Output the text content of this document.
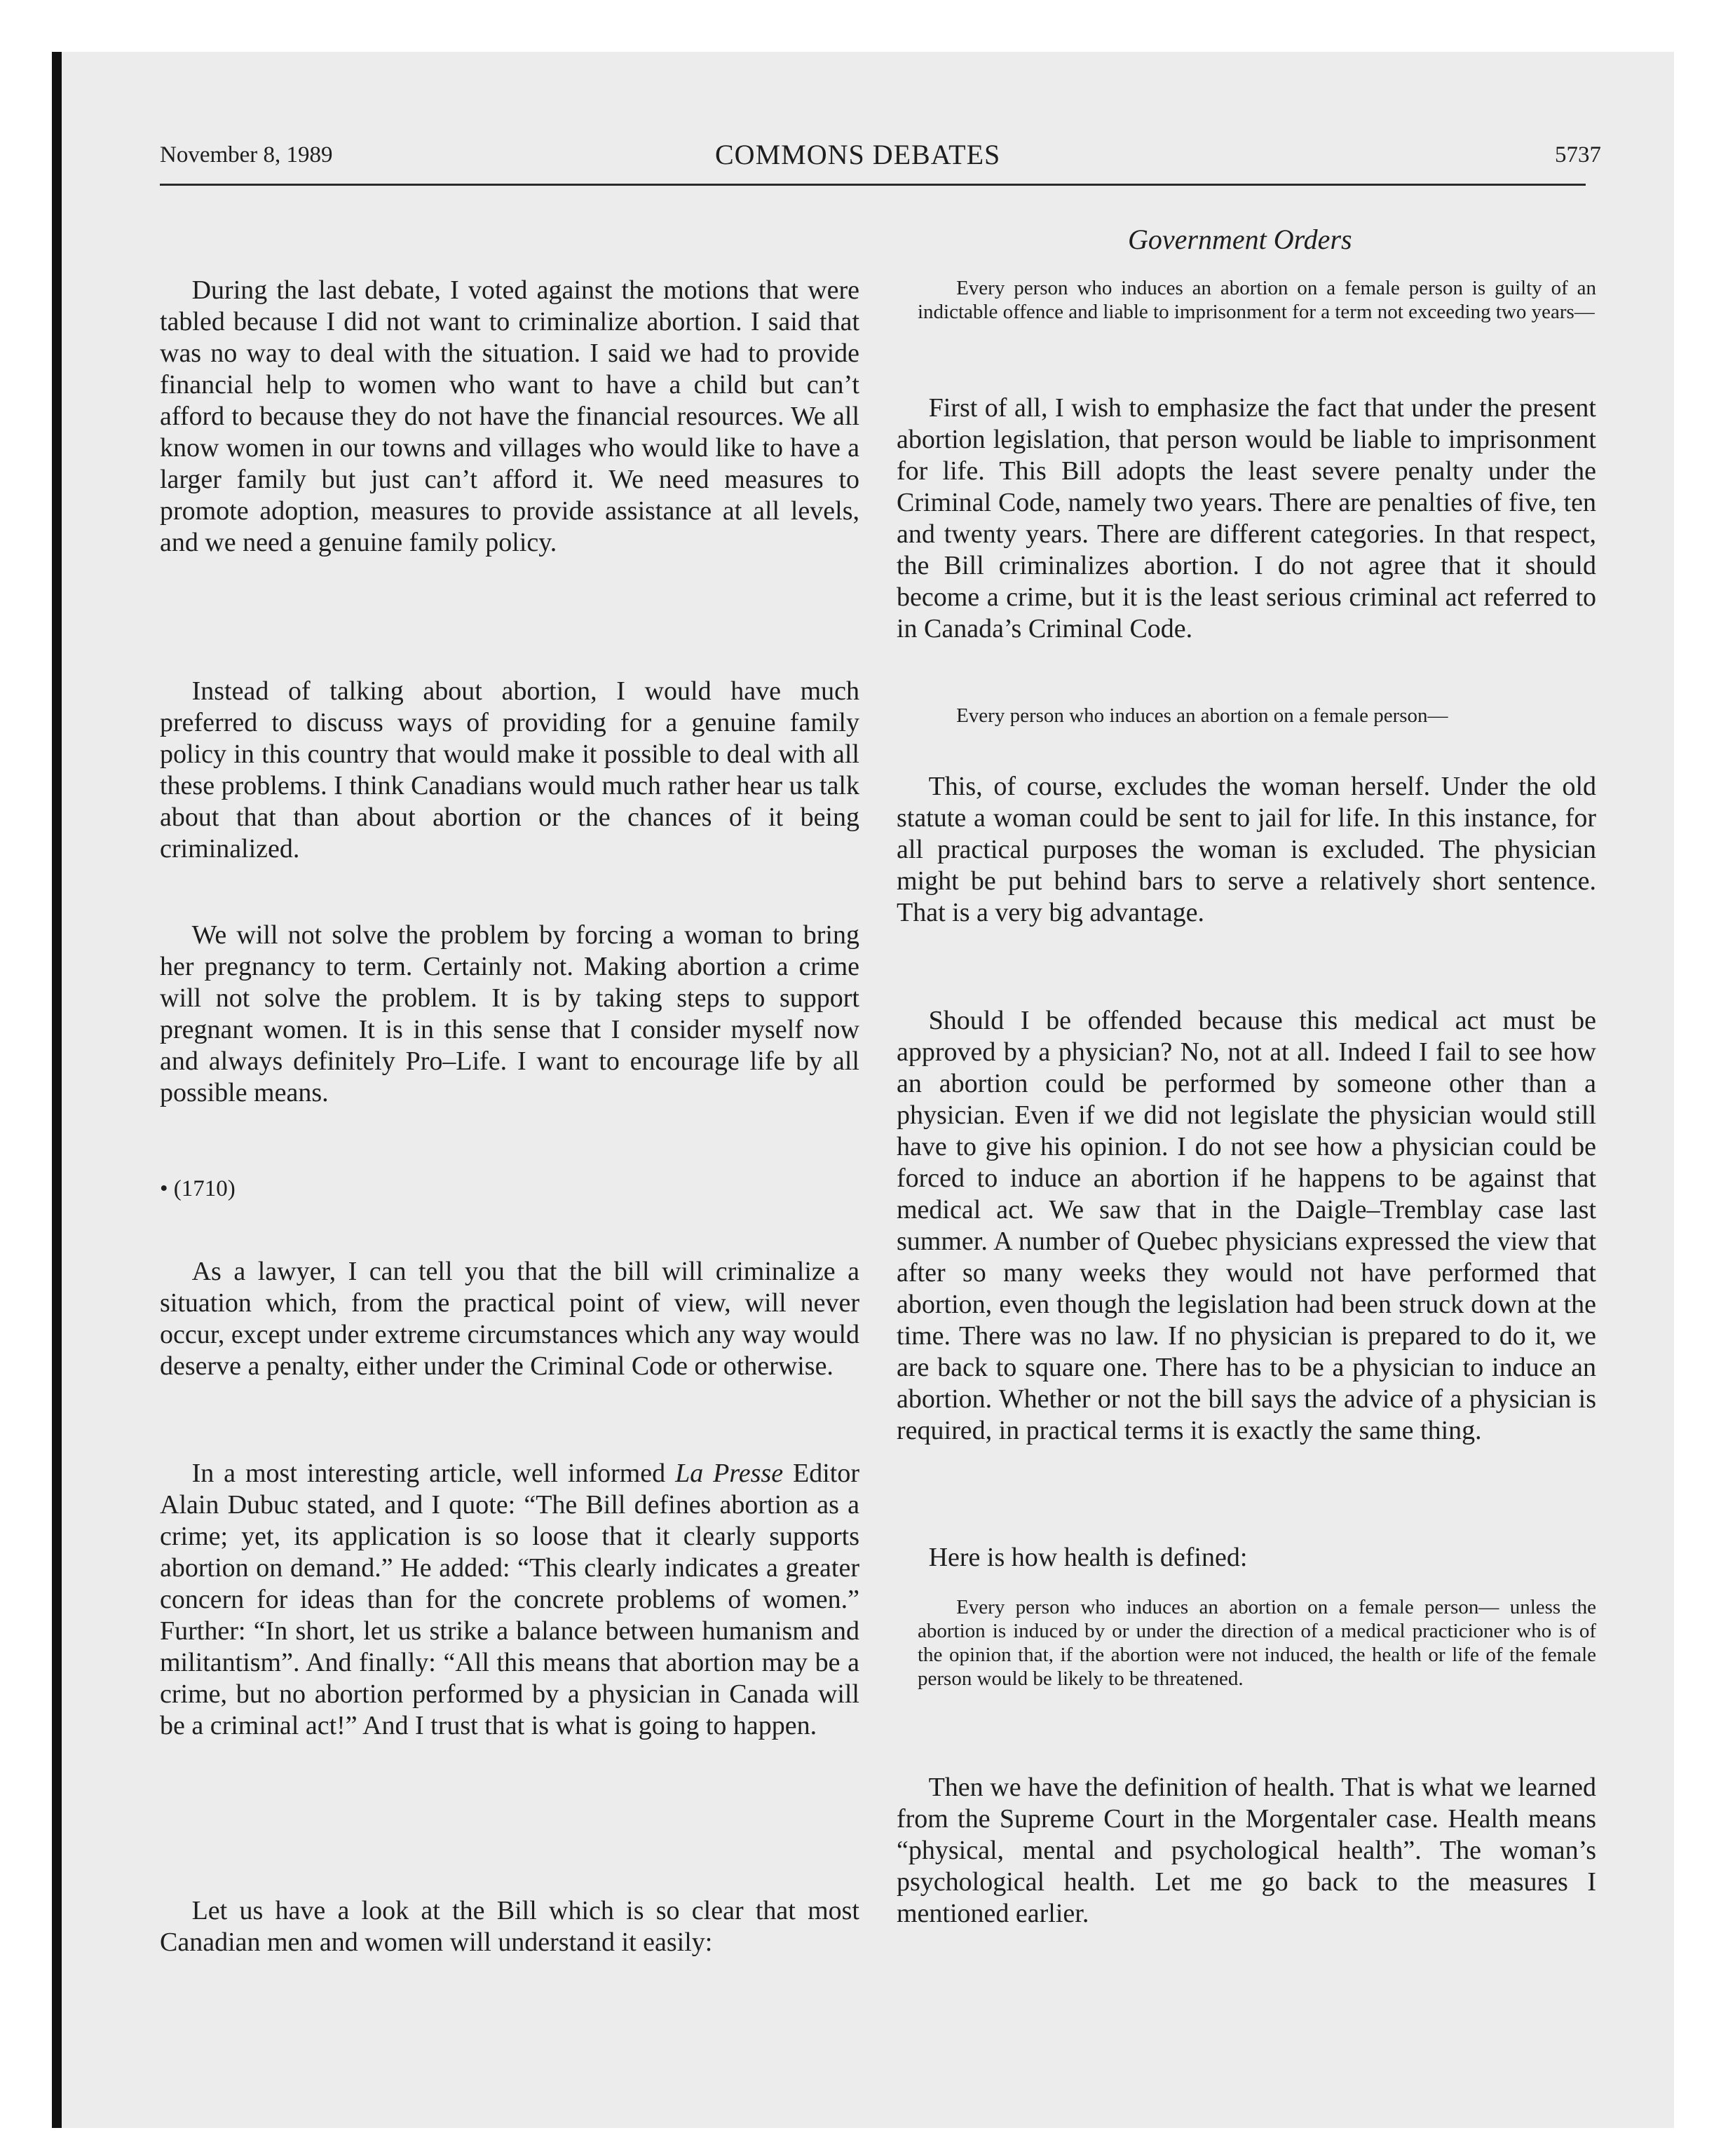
November 8, 1989	COMMONS DEBATES	5737
Government Orders

During the last debate, I voted against the motions that were tabled because I did not want to criminalize abortion. I said that was no way to deal with the situation. I said we had to provide financial help to women who want to have a child but can’t afford to because they do not have the financial resources. We all know women in our towns and villages who would like to have a larger family but just can’t afford it. We need measures to promote adoption, measures to provide assistance at all levels, and we need a genuine family policy.

Instead of talking about abortion, I would have much preferred to discuss ways of providing for a genuine family policy in this country that would make it possible to deal with all these problems. I think Canadians would much rather hear us talk about that than about abortion or the chances of it being criminalized.

We will not solve the problem by forcing a woman to bring her pregnancy to term. Certainly not. Making abortion a crime will not solve the problem. It is by taking steps to support pregnant women. It is in this sense that I consider myself now and always definitely Pro–Life. I want to encourage life by all possible means.

• (1710)

As a lawyer, I can tell you that the bill will criminalize a situation which, from the practical point of view, will never occur, except under extreme circumstances which any way would deserve a penalty, either under the Criminal Code or otherwise.

In a most interesting article, well informed La Presse Editor Alain Dubuc stated, and I quote: “The Bill defines abortion as a crime; yet, its application is so loose that it clearly supports abortion on demand.” He added: “This clearly indicates a greater concern for ideas than for the concrete problems of women.” Further: “In short, let us strike a balance between humanism and militantism”. And finally: “All this means that abortion may be a crime, but no abortion performed by a physician in Canada will be a criminal act!” And I trust that is what is going to happen.

Let us have a look at the Bill which is so clear that most Canadian men and women will understand it easily:

Every person who induces an abortion on a female person is guilty of an indictable offence and liable to imprisonment for a term not exceeding two years—

First of all, I wish to emphasize the fact that under the present abortion legislation, that person would be liable to imprisonment for life. This Bill adopts the least severe penalty under the Criminal Code, namely two years. There are penalties of five, ten and twenty years. There are different categories. In that respect, the Bill criminalizes abortion. I do not agree that it should become a crime, but it is the least serious criminal act referred to in Canada’s Criminal Code.

Every person who induces an abortion on a female person—

This, of course, excludes the woman herself. Under the old statute a woman could be sent to jail for life. In this instance, for all practical purposes the woman is excluded. The physician might be put behind bars to serve a relatively short sentence. That is a very big advantage.

Should I be offended because this medical act must be approved by a physician? No, not at all. Indeed I fail to see how an abortion could be performed by someone other than a physician. Even if we did not legislate the physician would still have to give his opinion. I do not see how a physician could be forced to induce an abortion if he happens to be against that medical act. We saw that in the Daigle–Tremblay case last summer. A number of Quebec physicians expressed the view that after so many weeks they would not have performed that abortion, even though the legislation had been struck down at the time. There was no law. If no physician is prepared to do it, we are back to square one. There has to be a physician to induce an abortion. Whether or not the bill says the advice of a physician is required, in practical terms it is exactly the same thing.

Here is how health is defined:

Every person who induces an abortion on a female person— unless the abortion is induced by or under the direction of a medical practicioner who is of the opinion that, if the abortion were not induced, the health or life of the female person would be likely to be threatened.

Then we have the definition of health. That is what we learned from the Supreme Court in the Morgentaler case. Health means “physical, mental and psychological health”. The woman’s psychological health. Let me go back to the measures I mentioned earlier.
